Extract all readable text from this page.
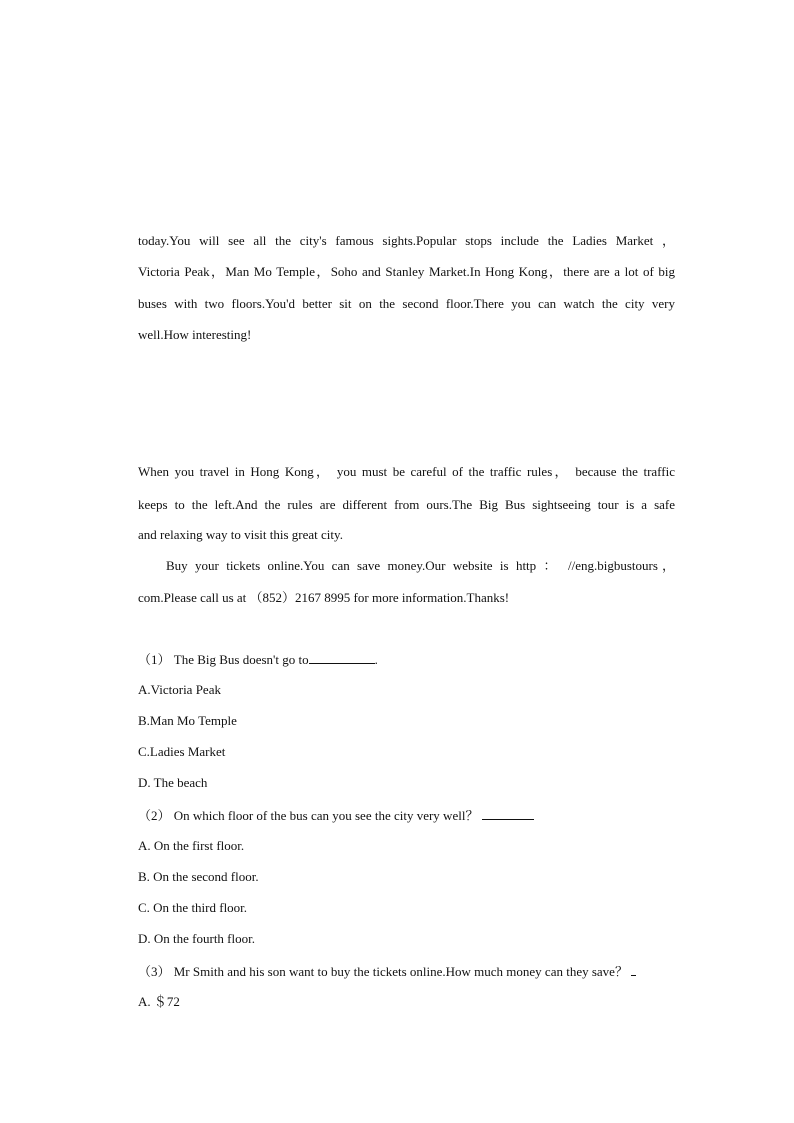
today.You will see all the city's famous sights.Popular stops include the Ladies Market ，
Victoria Peak，Man Mo Temple，Soho and Stanley Market.In Hong Kong，there are a lot of big
buses with two floors.You'd better sit on the second floor.There you can watch the city very
well.How interesting!
When you travel in Hong Kong， you must be careful of the traffic rules， because the traffic
keeps to the left.And the rules are different from ours.The Big Bus sightseeing tour is a safe
and relaxing way to visit this great city.
Buy your tickets online.You can save money.Our website is http ： //eng.bigbustours，
com.Please call us at （852）2167 8995 for more information.Thanks!
（1） The Big Bus doesn't go to	.
A.Victoria Peak
B.Man Mo Temple
C.Ladies Market
D. The beach
（2） On which floor of the bus can you see the city very well？
A. On the first floor.
B. On the second floor.
C. On the third floor.
D. On the fourth floor.
（3） Mr Smith and his son want to buy the tickets online.How much money can they save？
A. ＄72
